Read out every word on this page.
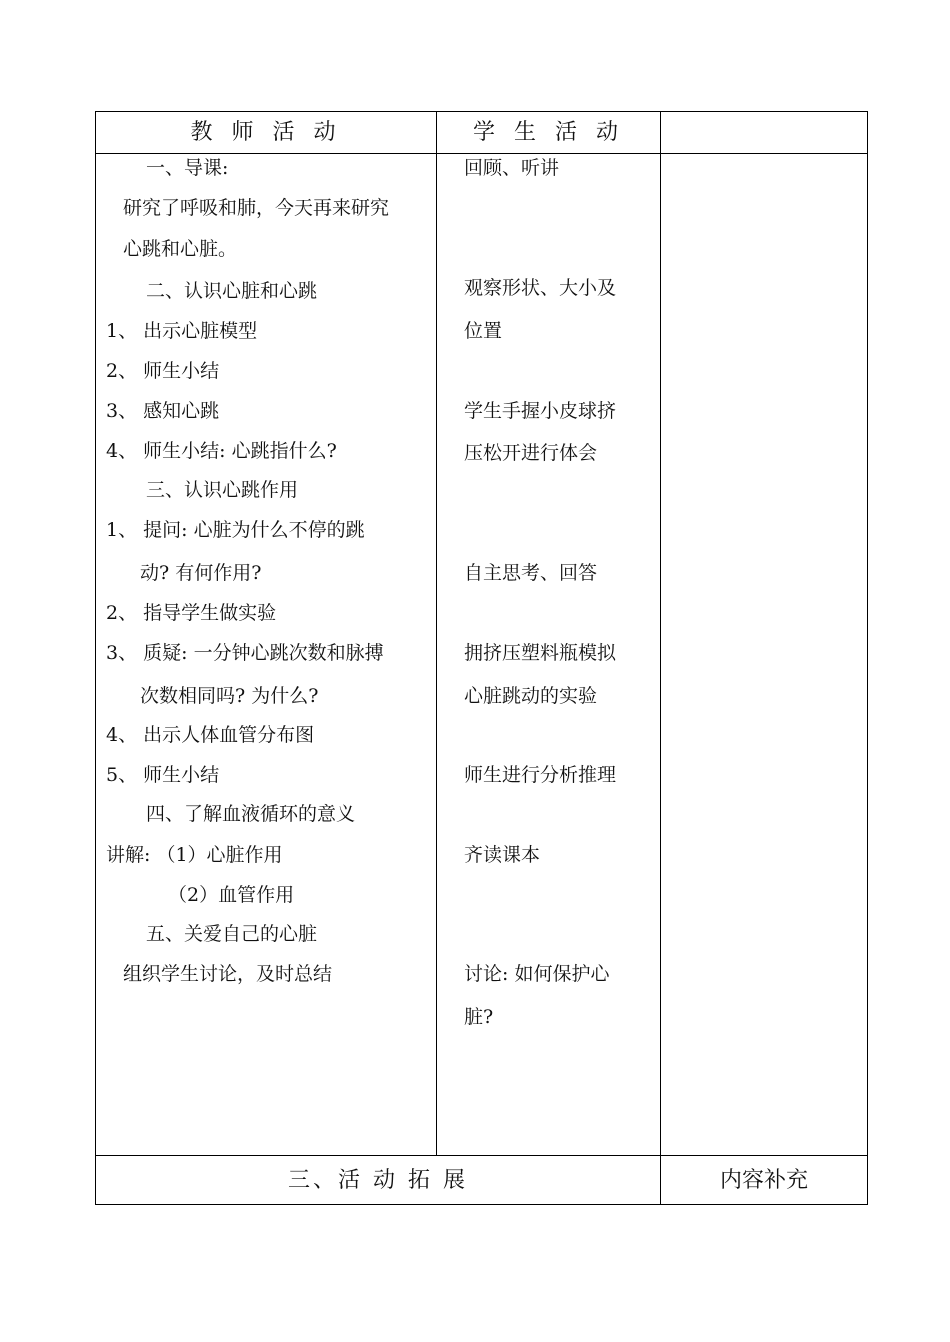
教 师 活 动	学 生 活 动
一、导课:
研究了呼吸和肺，今天再来研究
心跳和心脏。
二、认识心脏和心跳
1、 出示心脏模型
2、 师生小结
3、 感知心跳
4、 师生小结: 心跳指什么?
三、认识心跳作用
1、 提问: 心脏为什么不停的跳
动? 有何作用?
2、 指导学生做实验
3、 质疑: 一分钟心跳次数和脉搏
次数相同吗? 为什么?
4、 出示人体血管分布图
5、 师生小结
四、了解血液循环的意义
讲解: （1）心脏作用
（2）血管作用
五、关爱自己的心脏
组织学生讨论，及时总结
回顾、听讲
观察形状、大小及
位置
学生手握小皮球挤
压松开进行体会
自主思考、回答
拥挤压塑料瓶模拟
心脏跳动的实验
师生进行分析推理
齐读课本
讨论: 如何保护心
脏?
三、活 动 拓 展	内容补充
